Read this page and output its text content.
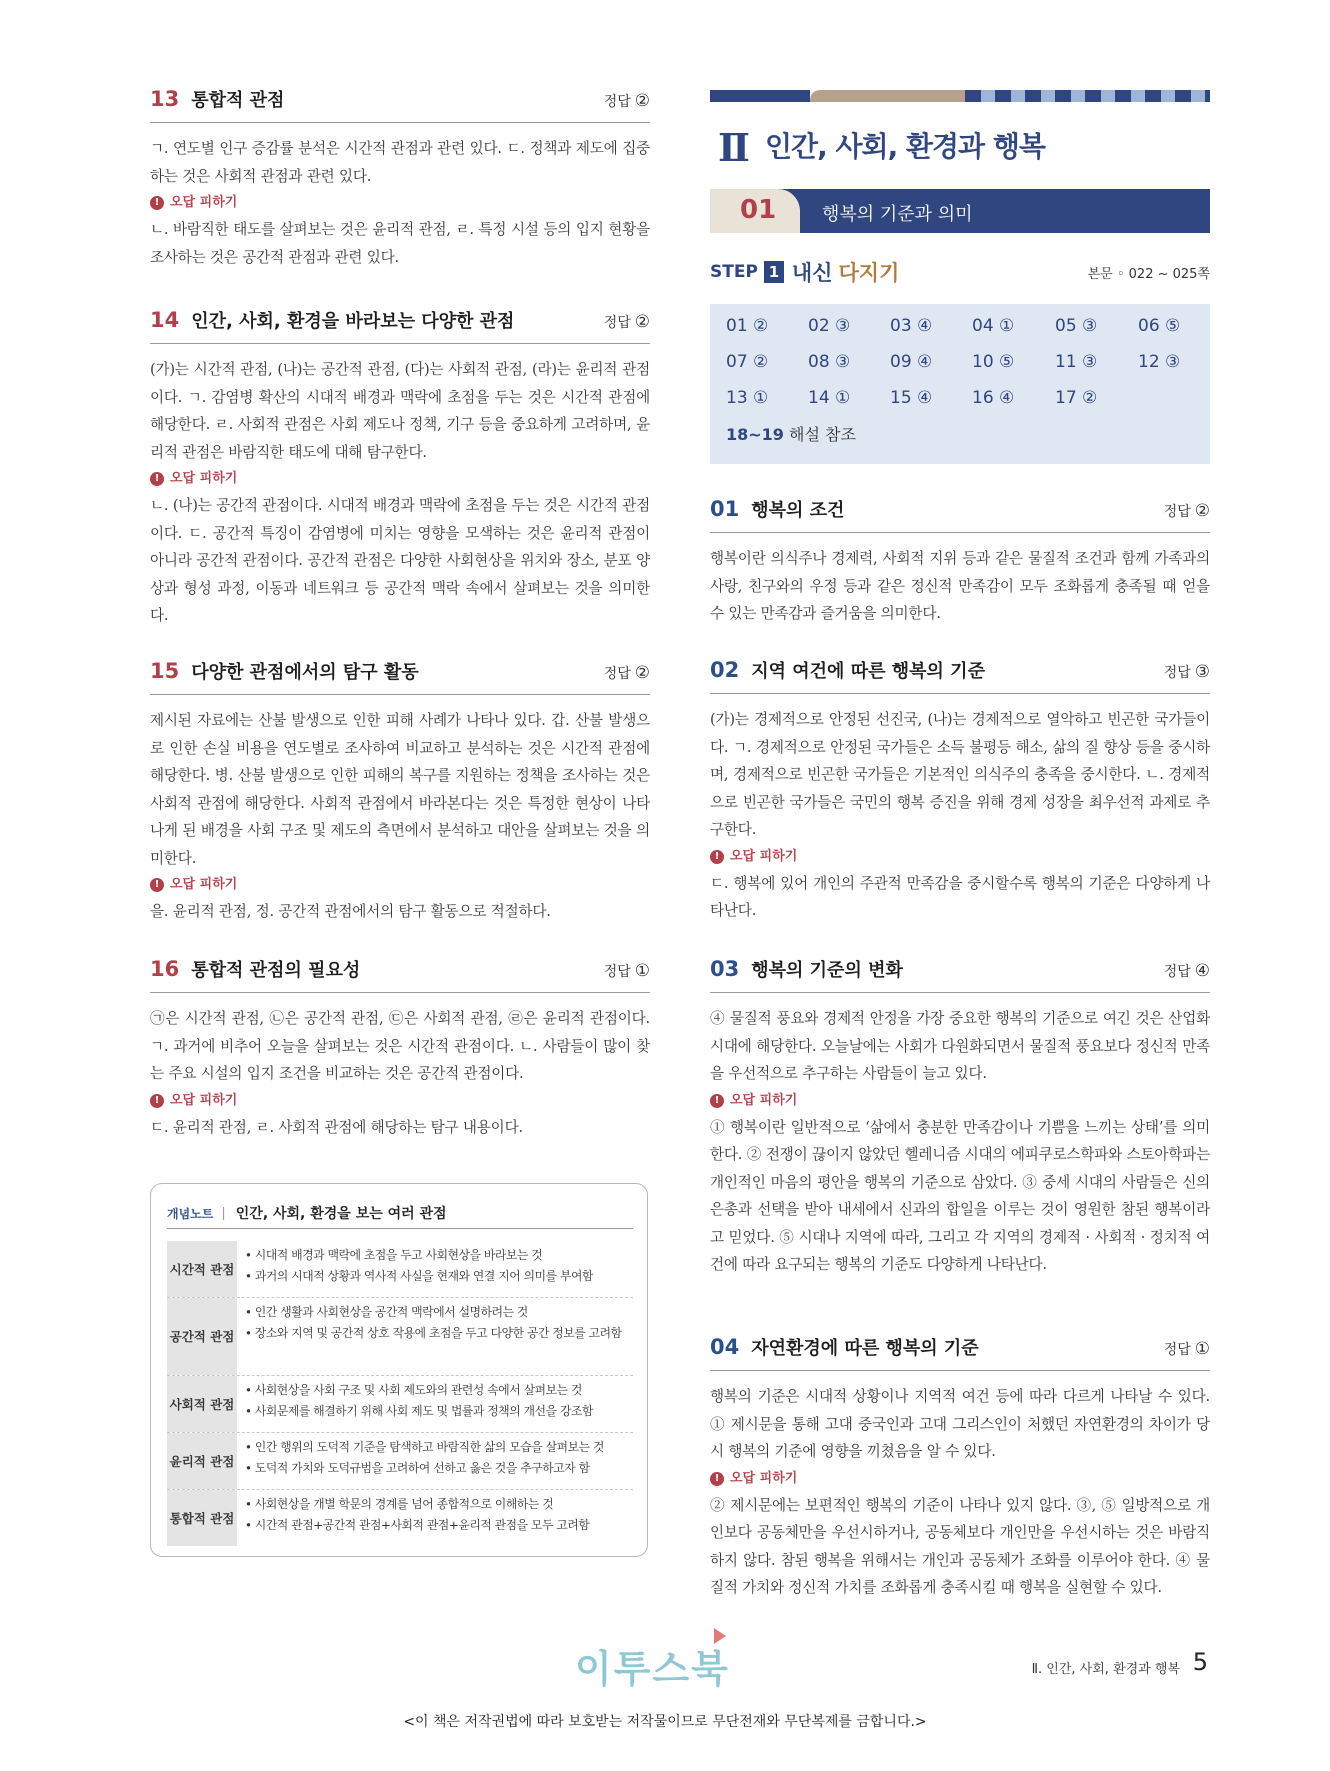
13 통합적 관점	정답 ②

ㄱ. 연도별 인구 증감률 분석은 시간적 관점과 관련 있다. ㄷ. 정책과 제도에 집중하는 것은 사회적 관점과 관련 있다.

! 오답 피하기

ㄴ. 바람직한 태도를 살펴보는 것은 윤리적 관점, ㄹ. 특정 시설 등의 입지 현황을 조사하는 것은 공간적 관점과 관련 있다.

14 인간, 사회, 환경을 바라보는 다양한 관점	정답 ②

(가)는 시간적 관점, (나)는 공간적 관점, (다)는 사회적 관점, (라)는 윤리적 관점이다. ㄱ. 감염병 확산의 시대적 배경과 맥락에 초점을 두는 것은 시간적 관점에 해당한다. ㄹ. 사회적 관점은 사회 제도나 정책, 기구 등을 중요하게 고려하며, 윤리적 관점은 바람직한 태도에 대해 탐구한다.

! 오답 피하기

ㄴ. (나)는 공간적 관점이다. 시대적 배경과 맥락에 초점을 두는 것은 시간적 관점이다. ㄷ. 공간적 특징이 감염병에 미치는 영향을 모색하는 것은 윤리적 관점이 아니라 공간적 관점이다. 공간적 관점은 다양한 사회현상을 위치와 장소, 분포 양상과 형성 과정, 이동과 네트워크 등 공간적 맥락 속에서 살펴보는 것을 의미한다.

15 다양한 관점에서의 탐구 활동	정답 ②

제시된 자료에는 산불 발생으로 인한 피해 사례가 나타나 있다. 갑. 산불 발생으로 인한 손실 비용을 연도별로 조사하여 비교하고 분석하는 것은 시간적 관점에 해당한다. 병. 산불 발생으로 인한 피해의 복구를 지원하는 정책을 조사하는 것은 사회적 관점에 해당한다. 사회적 관점에서 바라본다는 것은 특정한 현상이 나타나게 된 배경을 사회 구조 및 제도의 측면에서 분석하고 대안을 살펴보는 것을 의미한다.

! 오답 피하기

을. 윤리적 관점, 정. 공간적 관점에서의 탐구 활동으로 적절하다.

16 통합적 관점의 필요성	정답 ①

㉠은 시간적 관점, ㉡은 공간적 관점, ㉢은 사회적 관점, ㉣은 윤리적 관점이다. ㄱ. 과거에 비추어 오늘을 살펴보는 것은 시간적 관점이다. ㄴ. 사람들이 많이 찾는 주요 시설의 입지 조건을 비교하는 것은 공간적 관점이다.

! 오답 피하기

ㄷ. 윤리적 관점, ㄹ. 사회적 관점에 해당하는 탐구 내용이다.

개념노트 | 인간, 사회, 환경을 보는 여러 관점
시간적 관점
• 시대적 배경과 맥락에 초점을 두고 사회현상을 바라보는 것
• 과거의 시대적 상황과 역사적 사실을 현재와 연결 지어 의미를 부여함
공간적 관점
• 인간 생활과 사회현상을 공간적 맥락에서 설명하려는 것
• 장소와 지역 및 공간적 상호 작용에 초점을 두고 다양한 공간 정보를 고려함
사회적 관점
• 사회현상을 사회 구조 및 사회 제도와의 관련성 속에서 살펴보는 것
• 사회문제를 해결하기 위해 사회 제도 및 법률과 정책의 개선을 강조함
윤리적 관점
• 인간 행위의 도덕적 기준을 탐색하고 바람직한 삶의 모습을 살펴보는 것
• 도덕적 가치와 도덕규범을 고려하여 선하고 옳은 것을 추구하고자 함
통합적 관점
• 사회현상을 개별 학문의 경계를 넘어 종합적으로 이해하는 것
• 시간적 관점+공간적 관점+사회적 관점+윤리적 관점을 모두 고려함
Ⅱ 인간, 사회, 환경과 행복
01	행복의 기준과 의미
STEP 1 내신 다지기	본문 ◦ 022 ~ 025쪽
01 ② 02 ③ 03 ④ 04 ① 05 ③ 06 ⑤
07 ② 08 ③ 09 ④ 10 ⑤ 11 ③ 12 ③
13 ① 14 ① 15 ④ 16 ④ 17 ②
18~19 해설 참조
01 행복의 조건	정답 ②

행복이란 의식주나 경제력, 사회적 지위 등과 같은 물질적 조건과 함께 가족과의 사랑, 친구와의 우정 등과 같은 정신적 만족감이 모두 조화롭게 충족될 때 얻을 수 있는 만족감과 즐거움을 의미한다.

02 지역 여건에 따른 행복의 기준	정답 ③

(가)는 경제적으로 안정된 선진국, (나)는 경제적으로 열악하고 빈곤한 국가들이다. ㄱ. 경제적으로 안정된 국가들은 소득 불평등 해소, 삶의 질 향상 등을 중시하며, 경제적으로 빈곤한 국가들은 기본적인 의식주의 충족을 중시한다. ㄴ. 경제적으로 빈곤한 국가들은 국민의 행복 증진을 위해 경제 성장을 최우선적 과제로 추구한다.

! 오답 피하기

ㄷ. 행복에 있어 개인의 주관적 만족감을 중시할수록 행복의 기준은 다양하게 나타난다.

03 행복의 기준의 변화	정답 ④

④ 물질적 풍요와 경제적 안정을 가장 중요한 행복의 기준으로 여긴 것은 산업화 시대에 해당한다. 오늘날에는 사회가 다원화되면서 물질적 풍요보다 정신적 만족을 우선적으로 추구하는 사람들이 늘고 있다.

! 오답 피하기

① 행복이란 일반적으로 ‘삶에서 충분한 만족감이나 기쁨을 느끼는 상태’를 의미한다. ② 전쟁이 끊이지 않았던 헬레니즘 시대의 에피쿠로스학파와 스토아학파는 개인적인 마음의 평안을 행복의 기준으로 삼았다. ③ 중세 시대의 사람들은 신의 은총과 선택을 받아 내세에서 신과의 합일을 이루는 것이 영원한 참된 행복이라고 믿었다. ⑤ 시대나 지역에 따라, 그리고 각 지역의 경제적 · 사회적 · 정치적 여건에 따라 요구되는 행복의 기준도 다양하게 나타난다.

04 자연환경에 따른 행복의 기준	정답 ①

행복의 기준은 시대적 상황이나 지역적 여건 등에 따라 다르게 나타날 수 있다. ① 제시문을 통해 고대 중국인과 고대 그리스인이 처했던 자연환경의 차이가 당시 행복의 기준에 영향을 끼쳤음을 알 수 있다.

! 오답 피하기

② 제시문에는 보편적인 행복의 기준이 나타나 있지 않다. ③, ⑤ 일방적으로 개인보다 공동체만을 우선시하거나, 공동체보다 개인만을 우선시하는 것은 바람직하지 않다. 참된 행복을 위해서는 개인과 공동체가 조화를 이루어야 한다. ④ 물질적 가치와 정신적 가치를 조화롭게 충족시킬 때 행복을 실현할 수 있다.

이투스북	Ⅱ. 인간, 사회, 환경과 행복 5
<이 책은 저작권법에 따라 보호받는 저작물이므로 무단전재와 무단복제를 금합니다.>
